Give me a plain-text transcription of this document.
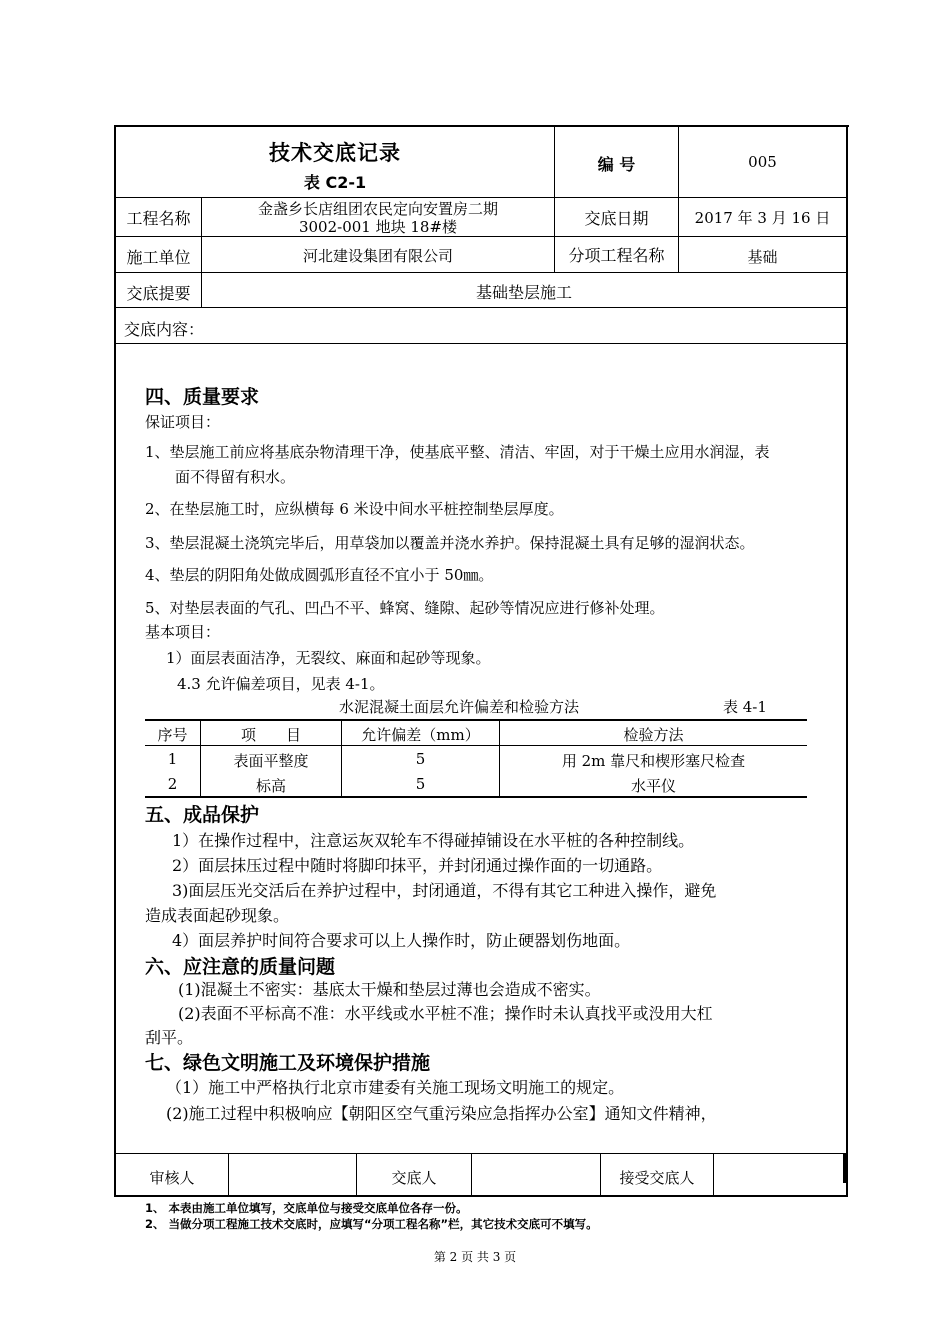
技术交底记录
表 C2-1
编 号	005
工程名称	金盏乡长店组团农民定向安置房二期
3002-001 地块 18#楼	交底日期	2017 年 3 月 16 日
施工单位	河北建设集团有限公司	分项工程名称	基础
交底提要	基础垫层施工
交底内容：
四、质量要求
保证项目：
1、垫层施工前应将基底杂物清理干净，使基底平整、清洁、牢固，对于干燥土应用水润湿，表
面不得留有积水。
2、在垫层施工时，应纵横每 6 米设中间水平桩控制垫层厚度。
3、垫层混凝土浇筑完毕后，用草袋加以覆盖并浇水养护。保持混凝土具有足够的湿润状态。
4、垫层的阴阳角处做成圆弧形直径不宜小于 50㎜。
5、对垫层表面的气孔、凹凸不平、蜂窝、缝隙、起砂等情况应进行修补处理。
基本项目：
1）面层表面洁净，无裂纹、麻面和起砂等现象。
4.3 允许偏差项目，见表 4-1。
水泥混凝土面层允许偏差和检验方法	表 4-1
序号	项　　目	允许偏差（mm）	检验方法
1	表面平整度	5	用 2m 靠尺和楔形塞尺检查
2	标高	5	水平仪
五、成品保护
1）在操作过程中，注意运灰双轮车不得碰掉铺设在水平桩的各种控制线。
2）面层抹压过程中随时将脚印抹平，并封闭通过操作面的一切通路。
3)面层压光交活后在养护过程中，封闭通道，不得有其它工种进入操作，避免
造成表面起砂现象。
4）面层养护时间符合要求可以上人操作时，防止硬器划伤地面。
六、应注意的质量问题
(1)混凝土不密实：基底太干燥和垫层过薄也会造成不密实。
(2)表面不平标高不准：水平线或水平桩不准；操作时未认真找平或没用大杠
刮平。
七、绿色文明施工及环境保护措施
（1）施工中严格执行北京市建委有关施工现场文明施工的规定。
(2)施工过程中积极响应【朝阳区空气重污染应急指挥办公室】通知文件精神，
审核人	交底人	接受交底人
1、 本表由施工单位填写，交底单位与接受交底单位各存一份。
2、 当做分项工程施工技术交底时，应填写“分项工程名称”栏，其它技术交底可不填写。
第 2 页 共 3 页
